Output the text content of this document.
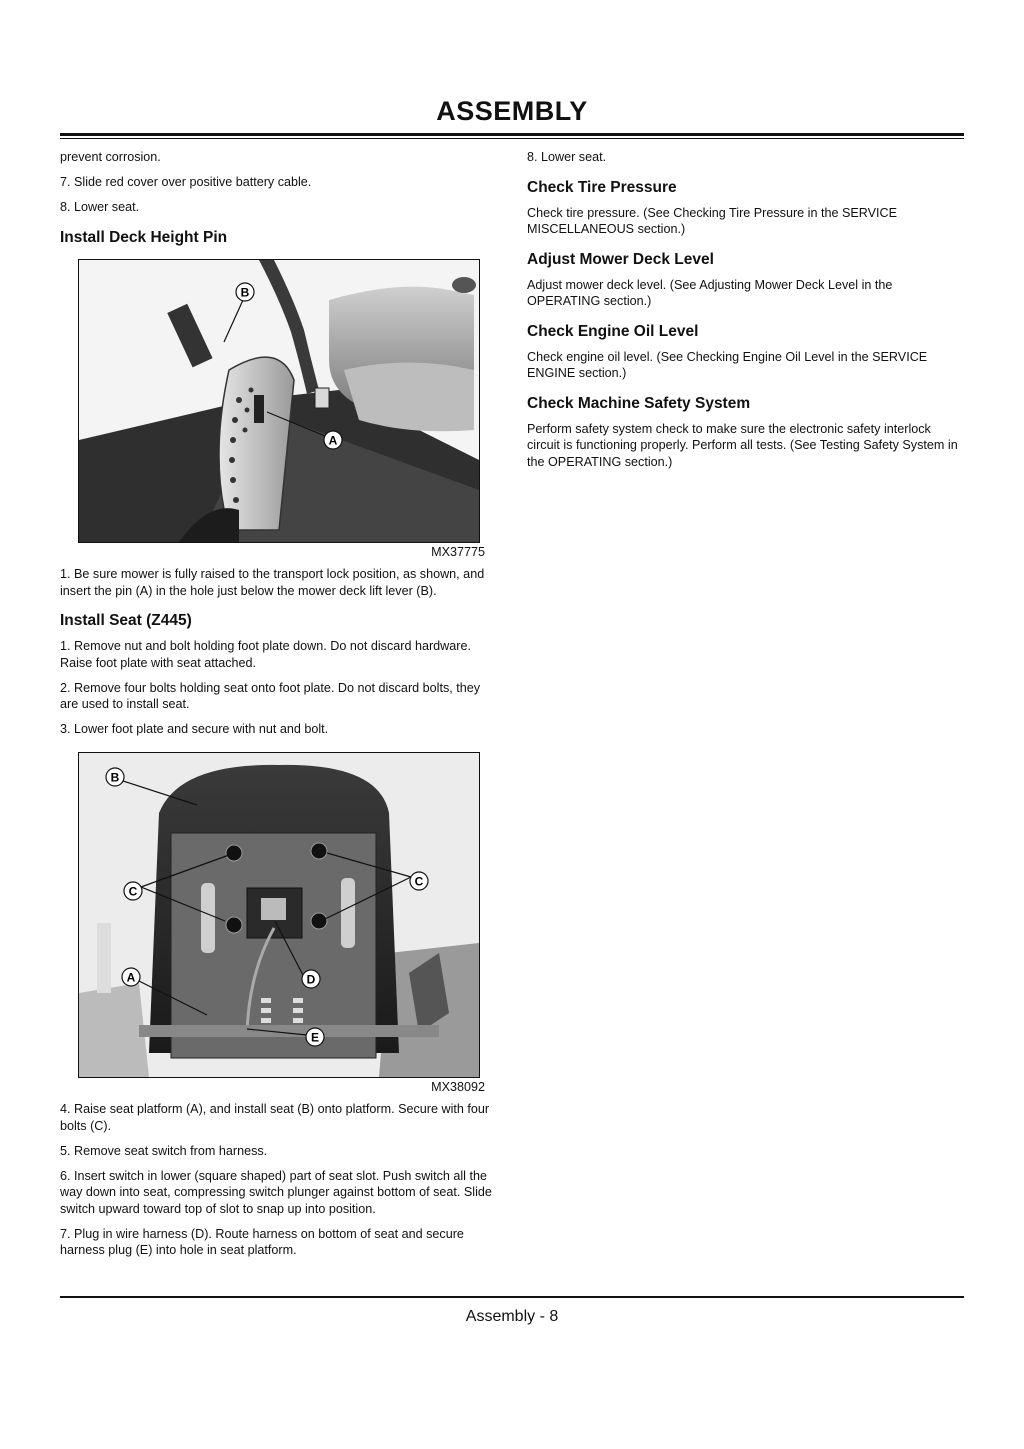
ASSEMBLY

prevent corrosion.

7. Slide red cover over positive battery cable.

8. Lower seat.

Install Deck Height Pin
B
A
MX37775

1. Be sure mower is fully raised to the transport lock position, as shown, and insert the pin (A) in the hole just below the mower deck lift lever (B).

Install Seat (Z445)

1. Remove nut and bolt holding foot plate down. Do not discard hardware. Raise foot plate with seat attached.

2. Remove four bolts holding seat onto foot plate. Do not discard bolts, they are used to install seat.

3. Lower foot plate and secure with nut and bolt.

B
C
C
A	D
E
MX38092

4. Raise seat platform (A), and install seat (B) onto platform. Secure with four bolts (C).

5. Remove seat switch from harness.

6. Insert switch in lower (square shaped) part of seat slot. Push switch all the way down into seat, compressing switch plunger against bottom of seat. Slide switch upward toward top of slot to snap up into position.

7. Plug in wire harness (D). Route harness on bottom of seat and secure harness plug (E) into hole in seat platform.

8. Lower seat.

Check Tire Pressure

Check tire pressure. (See Checking Tire Pressure in the SERVICE MISCELLANEOUS section.)

Adjust Mower Deck Level

Adjust mower deck level. (See Adjusting Mower Deck Level in the OPERATING section.)

Check Engine Oil Level

Check engine oil level. (See Checking Engine Oil Level in the SERVICE ENGINE section.)

Check Machine Safety System

Perform safety system check to make sure the electronic safety interlock circuit is functioning properly. Perform all tests. (See Testing Safety System in the OPERATING section.)

Assembly - 8
